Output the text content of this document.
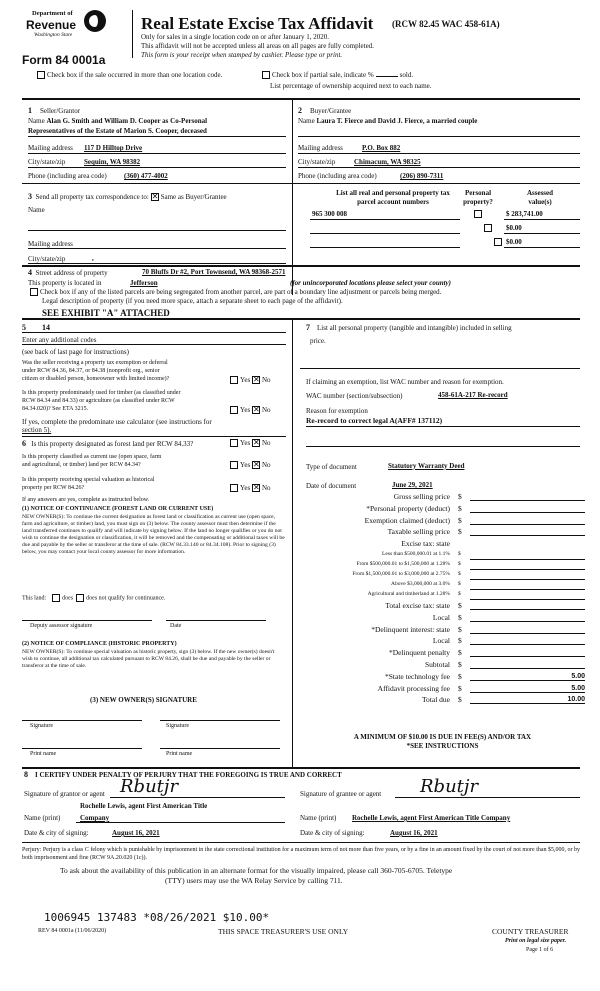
Department of
Revenue
Washington State
Form 84 0001a
Real Estate Excise Tax Affidavit (RCW 82.45 WAC 458-61A)
Only for sales in a single location code on or after January 1, 2020.
This affidavit will not be accepted unless all areas on all pages are fully completed.
This form is your receipt when stamped by cashier. Please type or print.
Check box if the sale occurred in more than one location code.	Check box if partial sale, indicate %	sold.
List percentage of ownership acquired next to each name.
1 Seller/Grantor
Name Alan G. Smith and William D. Cooper as Co-Personal
Representatives of the Estate of Marion S. Cooper, deceased
Mailing address 117 D Hilltop Drive
City/state/zip	Sequim, WA 98382
Phone (including area code) (360) 477-4002
2 Buyer/Grantee
Name Laura T. Fierce and David J. Fierce, a married couple
Mailing address	P.O. Box 882
City/state/zip	Chimacum, WA 98325
Phone (including area code)	(206) 890-7311
3 Send all property tax correspondence to: ✕ Same as Buyer/Grantee
Name
Mailing address
City/state/zip	,
List all real and personal property tax
parcel account numbers
Personal
property?
Assessed
value(s)
965 300 008	$ 283,741.00
$0.00
$0.00
4 Street address of property	70 Bluffs Dr #2, Port Townsend, WA 98368-2571
This property is located in	Jefferson	(for unincorporated locations please select your county)
Check box if any of the listed parcels are being segregated from another parcel, are part of a boundary line adjustment or parcels being merged.
Legal description of property (if you need more space, attach a separate sheet to each page of the affidavit).
SEE EXHIBIT "A" ATTACHED
5 14
Enter any additional codes
(see back of last page for instructions)
Was the seller receiving a property tax exemption or deferral
under RCW 84.36, 84.37, or 84.38 (nonprofit org., senior
citizen or disabled person, homeowner with limited income)?	Yes ✕ No
Is this property predominately used for timber (as classified under
RCW 84.34 and 84.33) or agriculture (as classified under RCW
84.34.020)? See ETA 3215.	Yes ✕ No
If yes, complete the predominate use calculator (see instructions for
section 5).
6 Is this property designated as forest land per RCW 84.33?	Yes ✕ No
Is this property classified as current use (open space, farm
and agricultural, or timber) land per RCW 84.34?	Yes ✕ No
Is this property receiving special valuation as historical
property per RCW 84.26?	Yes ✕ No
If any answers are yes, complete as instructed below.
(1) NOTICE OF CONTINUANCE (FOREST LAND OR CURRENT USE)
NEW OWNER(S): To continue the current designation as forest land or classification as current use (open space, farm and agriculture, or timber) land, you must sign on (3) below. The county assessor must then determine if the land transferred continues to qualify and will indicate by signing below. If the land no longer qualifies or you do not wish to continue the designation or classification, it will be removed and the compensating or additional taxes will be due and payable by the seller or transferor at the time of sale. (RCW 84.33.140 or 84.34.108). Prior to signing (3) below, you may contact your local county assessor for more information.
This land:	does does not qualify for continuance.
Deputy assessor signature	Date
(2) NOTICE OF COMPLIANCE (HISTORIC PROPERTY)
NEW OWNER(S): To continue special valuation as historic property, sign (3) below. If the new owner(s) doesn't wish to continue, all additional tax calculated pursuant to RCW 84.26, shall be due and payable by the seller or transferor at the time of sale.
(3) NEW OWNER(S) SIGNATURE
Signature	Signature
Print name	Print name
7 List all personal property (tangible and intangible) included in selling
price.
If claiming an exemption, list WAC number and reason for exemption.
WAC number (section/subsection)	458-61A-217 Re-record
Reason for exemption
Re-record to correct legal A(AFF# 137112)
Type of document	Statutory Warranty Deed
Date of document	June 29, 2021
Gross selling price $
*Personal property (deduct) $
Exemption claimed (deduct) $
Taxable selling price $
Excise tax: state
Less than $500,000.01 at 1.1% $
From $500,000.01 to $1,500,000 at 1.28% $
From $1,500,000.01 to $3,000,000 at 2.75% $
Above $3,000,000 at 3.0% $
Agricultural and timberland at 1.28% $
Total excise tax: state $
Local $
*Delinquent interest: state $
Local $
*Delinquent penalty $
Subtotal $
*State technology fee $	5.00
Affidavit processing fee $	5.00
Total due $	10.00
A MINIMUM OF $10.00 IS DUE IN FEE(S) AND/OR TAX
*SEE INSTRUCTIONS
8 I CERTIFY UNDER PENALTY OF PERJURY THAT THE FOREGOING IS TRUE AND CORRECT
Signature of grantor or agent Rbutjr
Rochelle Lewis, agent First American Title
Name (print)	Company
Date & city of signing:	August 16, 2021
Signature of grantee or agent Rbutjr
Name (print) Rochelle Lewis, agent First American Title Company
Date & city of signing:	August 16, 2021
Perjury: Perjury is a class C felony which is punishable by imprisonment in the state correctional institution for a maximum term of not more than five years, or by a fine in an amount fixed by the court of not more than $5,000, or by both imprisonment and fine (RCW 9A.20.020 (1c)).
To ask about the availability of this publication in an alternate format for the visually impaired, please call 360-705-6705. Teletype
(TTY) users may use the WA Relay Service by calling 711.
1006945 137483 *08/26/2021 $10.00*
REV 84 0001a (11/06/2020)	THIS SPACE TREASURER'S USE ONLY	COUNTY TREASURER
Print on legal size paper.
Page 1 of 6
